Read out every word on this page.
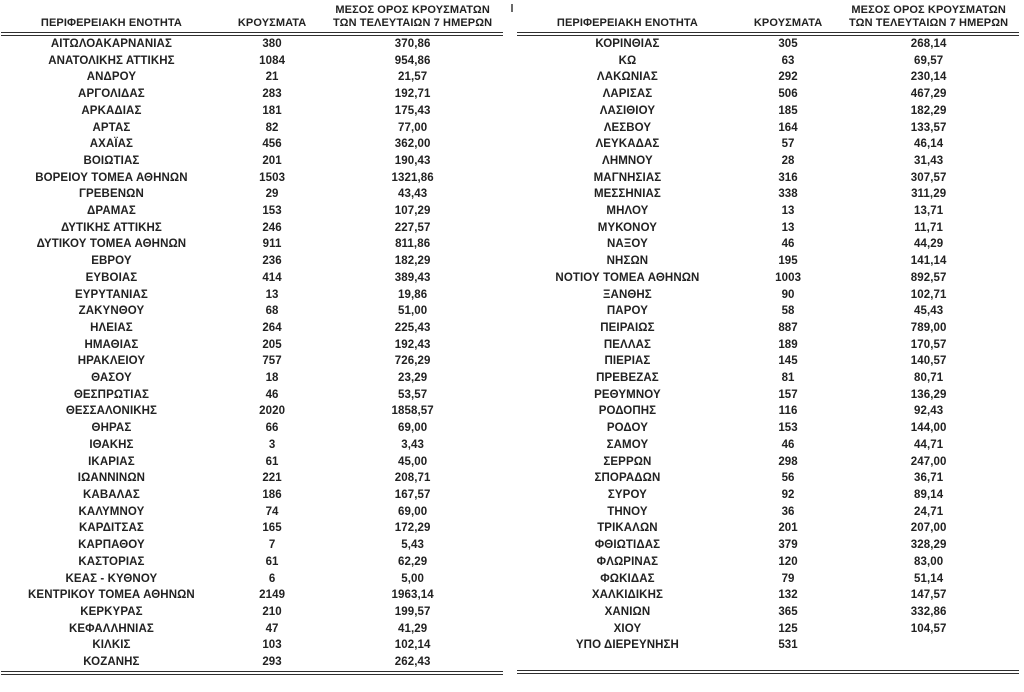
ΠΕΡΙΦΕΡΕΙΑΚΗ ΕΝΟΤΗΤΑ	ΚΡΟΥΣΜΑΤΑ	ΜΕΣΟΣ ΟΡΟΣ ΚΡΟΥΣΜΑΤΩΝ
ΤΩΝ ΤΕΛΕΥΤΑΙΩΝ 7 ΗΜΕΡΩΝ
ΑΙΤΩΛΟΑΚΑΡΝΑΝΙΑΣ	380	370,86
ΑΝΑΤΟΛΙΚΗΣ ΑΤΤΙΚΗΣ	1084	954,86
ΑΝΔΡΟΥ	21	21,57
ΑΡΓΟΛΙΔΑΣ	283	192,71
ΑΡΚΑΔΙΑΣ	181	175,43
ΑΡΤΑΣ	82	77,00
ΑΧΑΪΑΣ	456	362,00
ΒΟΙΩΤΙΑΣ	201	190,43
ΒΟΡΕΙΟΥ ΤΟΜΕΑ ΑΘΗΝΩΝ	1503	1321,86
ΓΡΕΒΕΝΩΝ	29	43,43
ΔΡΑΜΑΣ	153	107,29
ΔΥΤΙΚΗΣ ΑΤΤΙΚΗΣ	246	227,57
ΔΥΤΙΚΟΥ ΤΟΜΕΑ ΑΘΗΝΩΝ	911	811,86
ΕΒΡΟΥ	236	182,29
ΕΥΒΟΙΑΣ	414	389,43
ΕΥΡΥΤΑΝΙΑΣ	13	19,86
ΖΑΚΥΝΘΟΥ	68	51,00
ΗΛΕΙΑΣ	264	225,43
ΗΜΑΘΙΑΣ	205	192,43
ΗΡΑΚΛΕΙΟΥ	757	726,29
ΘΑΣΟΥ	18	23,29
ΘΕΣΠΡΩΤΙΑΣ	46	53,57
ΘΕΣΣΑΛΟΝΙΚΗΣ	2020	1858,57
ΘΗΡΑΣ	66	69,00
ΙΘΑΚΗΣ	3	3,43
ΙΚΑΡΙΑΣ	61	45,00
ΙΩΑΝΝΙΝΩΝ	221	208,71
ΚΑΒΑΛΑΣ	186	167,57
ΚΑΛΥΜΝΟΥ	74	69,00
ΚΑΡΔΙΤΣΑΣ	165	172,29
ΚΑΡΠΑΘΟΥ	7	5,43
ΚΑΣΤΟΡΙΑΣ	61	62,29
ΚΕΑΣ - ΚΥΘΝΟΥ	6	5,00
ΚΕΝΤΡΙΚΟΥ ΤΟΜΕΑ ΑΘΗΝΩΝ	2149	1963,14
ΚΕΡΚΥΡΑΣ	210	199,57
ΚΕΦΑΛΛΗΝΙΑΣ	47	41,29
ΚΙΛΚΙΣ	103	102,14
ΚΟΖΑΝΗΣ	293	262,43
ΠΕΡΙΦΕΡΕΙΑΚΗ ΕΝΟΤΗΤΑ	ΚΡΟΥΣΜΑΤΑ	ΜΕΣΟΣ ΟΡΟΣ ΚΡΟΥΣΜΑΤΩΝ
ΤΩΝ ΤΕΛΕΥΤΑΙΩΝ 7 ΗΜΕΡΩΝ
ΚΟΡΙΝΘΙΑΣ	305	268,14
ΚΩ	63	69,57
ΛΑΚΩΝΙΑΣ	292	230,14
ΛΑΡΙΣΑΣ	506	467,29
ΛΑΣΙΘΙΟΥ	185	182,29
ΛΕΣΒΟΥ	164	133,57
ΛΕΥΚΑΔΑΣ	57	46,14
ΛΗΜΝΟΥ	28	31,43
ΜΑΓΝΗΣΙΑΣ	316	307,57
ΜΕΣΣΗΝΙΑΣ	338	311,29
ΜΗΛΟΥ	13	13,71
ΜΥΚΟΝΟΥ	13	11,71
ΝΑΞΟΥ	46	44,29
ΝΗΣΩΝ	195	141,14
ΝΟΤΙΟΥ ΤΟΜΕΑ ΑΘΗΝΩΝ	1003	892,57
ΞΑΝΘΗΣ	90	102,71
ΠΑΡΟΥ	58	45,43
ΠΕΙΡΑΙΩΣ	887	789,00
ΠΕΛΛΑΣ	189	170,57
ΠΙΕΡΙΑΣ	145	140,57
ΠΡΕΒΕΖΑΣ	81	80,71
ΡΕΘΥΜΝΟΥ	157	136,29
ΡΟΔΟΠΗΣ	116	92,43
ΡΟΔΟΥ	153	144,00
ΣΑΜΟΥ	46	44,71
ΣΕΡΡΩΝ	298	247,00
ΣΠΟΡΑΔΩΝ	56	36,71
ΣΥΡΟΥ	92	89,14
ΤΗΝΟΥ	36	24,71
ΤΡΙΚΑΛΩΝ	201	207,00
ΦΘΙΩΤΙΔΑΣ	379	328,29
ΦΛΩΡΙΝΑΣ	120	83,00
ΦΩΚΙΔΑΣ	79	51,14
ΧΑΛΚΙΔΙΚΗΣ	132	147,57
ΧΑΝΙΩΝ	365	332,86
ΧΙΟΥ	125	104,57
ΥΠΟ ΔΙΕΡΕΥΝΗΣΗ	531	
